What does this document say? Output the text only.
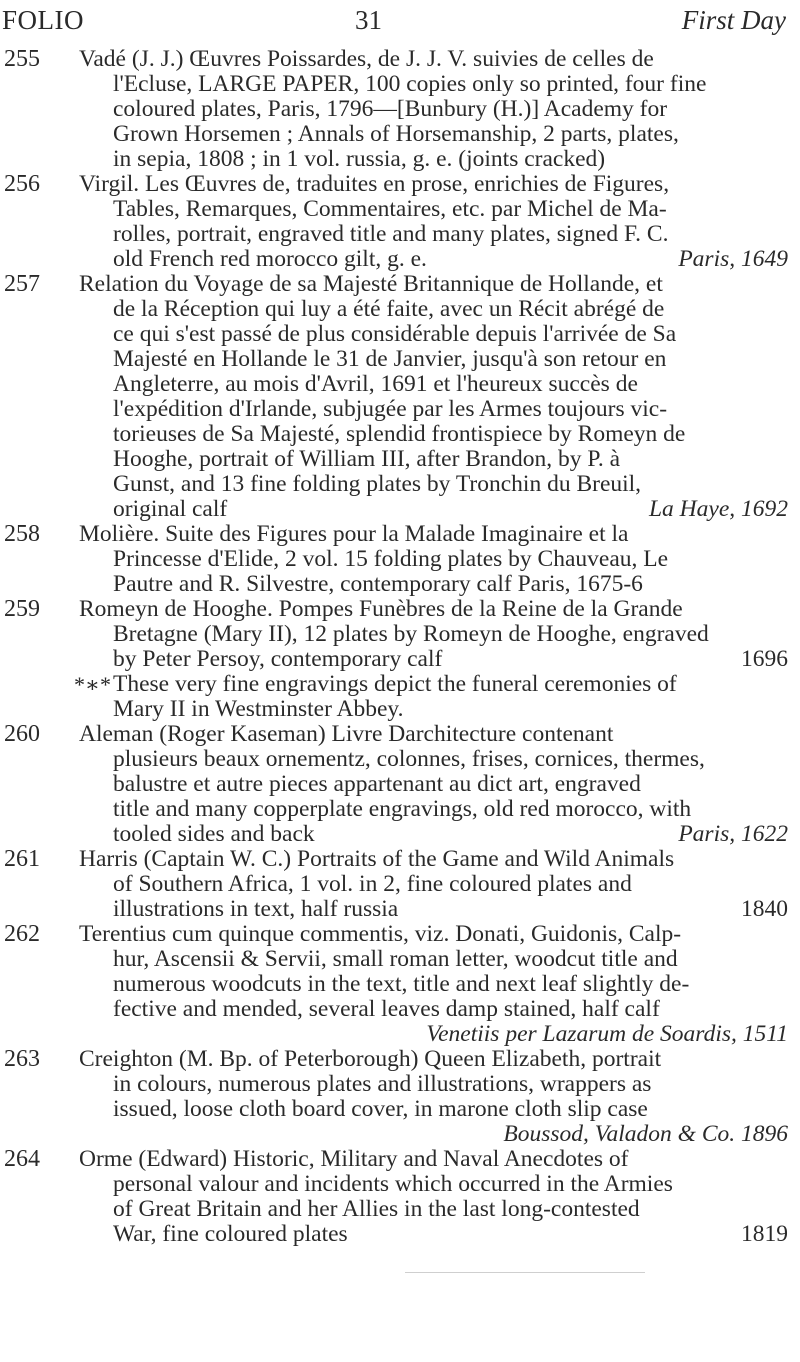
FOLIO	31	First Day
255 Vadé (J. J.) Œuvres Poissardes, de J. J. V. suivies de celles de
l'Ecluse, LARGE PAPER, 100 copies only so printed, four fine
coloured plates, Paris, 1796—[Bunbury (H.)] Academy for
Grown Horsemen ; Annals of Horsemanship, 2 parts, plates,
in sepia, 1808 ; in 1 vol. russia, g. e. (joints cracked)
256 Virgil. Les Œuvres de, traduites en prose, enrichies de Figures,
Tables, Remarques, Commentaires, etc. par Michel de Ma-
rolles, portrait, engraved title and many plates, signed F. C.
old French red morocco gilt, g. e.	Paris, 1649
257 Relation du Voyage de sa Majesté Britannique de Hollande, et
de la Réception qui luy a été faite, avec un Récit abrégé de
ce qui s'est passé de plus considérable depuis l'arrivée de Sa
Majesté en Hollande le 31 de Janvier, jusqu'à son retour en
Angleterre, au mois d'Avril, 1691 et l'heureux succès de
l'expédition d'Irlande, subjugée par les Armes toujours vic-
torieuses de Sa Majesté, splendid frontispiece by Romeyn de
Hooghe, portrait of William III, after Brandon, by P. à
Gunst, and 13 fine folding plates by Tronchin du Breuil,
original calf	La Haye, 1692
258 Molière. Suite des Figures pour la Malade Imaginaire et la
Princesse d'Elide, 2 vol. 15 folding plates by Chauveau, Le
Pautre and R. Silvestre, contemporary calf Paris, 1675-6
259 Romeyn de Hooghe. Pompes Funèbres de la Reine de la Grande
Bretagne (Mary II), 12 plates by Romeyn de Hooghe, engraved
by Peter Persoy, contemporary calf	1696
*∗* These very fine engravings depict the funeral ceremonies of
Mary II in Westminster Abbey.
260 Aleman (Roger Kaseman) Livre Darchitecture contenant
plusieurs beaux ornementz, colonnes, frises, cornices, thermes,
balustre et autre pieces appartenant au dict art, engraved
title and many copperplate engravings, old red morocco, with
tooled sides and back	Paris, 1622
261 Harris (Captain W. C.) Portraits of the Game and Wild Animals
of Southern Africa, 1 vol. in 2, fine coloured plates and
illustrations in text, half russia	1840
262 Terentius cum quinque commentis, viz. Donati, Guidonis, Calp-
hur, Ascensii & Servii, small roman letter, woodcut title and
numerous woodcuts in the text, title and next leaf slightly de-
fective and mended, several leaves damp stained, half calf
Venetiis per Lazarum de Soardis, 1511
263 Creighton (M. Bp. of Peterborough) Queen Elizabeth, portrait
in colours, numerous plates and illustrations, wrappers as
issued, loose cloth board cover, in marone cloth slip case
Boussod, Valadon & Co. 1896
264 Orme (Edward) Historic, Military and Naval Anecdotes of
personal valour and incidents which occurred in the Armies
of Great Britain and her Allies in the last long-contested
War, fine coloured plates	1819
